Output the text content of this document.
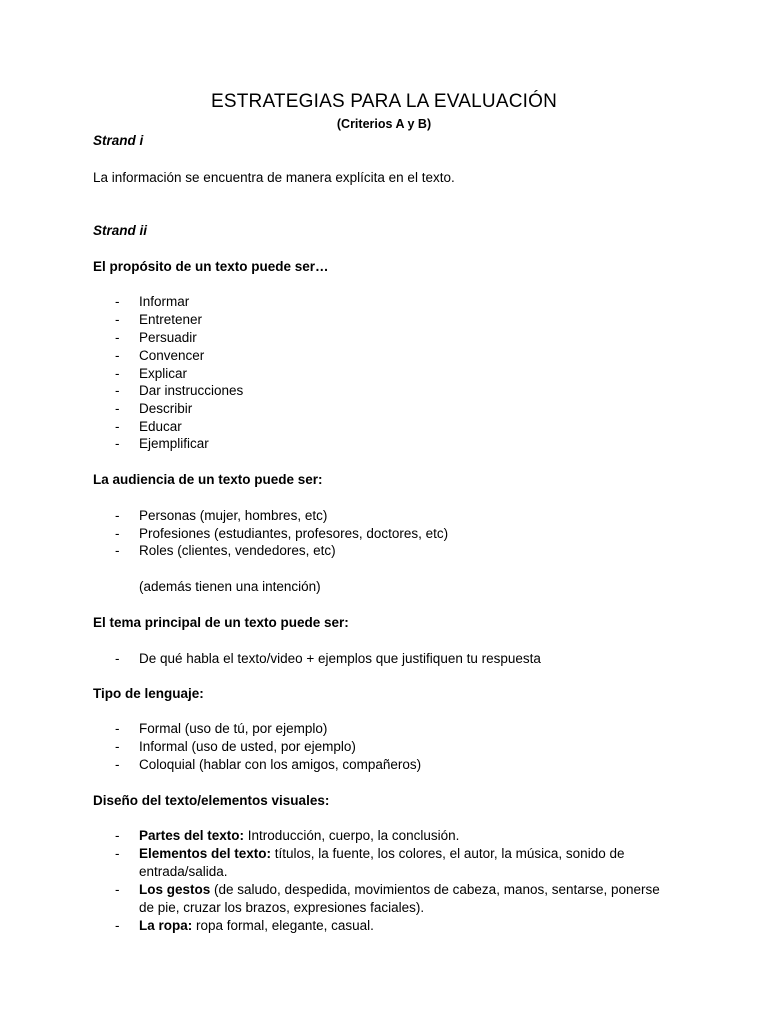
ESTRATEGIAS PARA LA EVALUACIÓN
(Criterios A y B)
Strand i
La información se encuentra de manera explícita en el texto.
Strand ii
El propósito de un texto puede ser…
- Informar
- Entretener
- Persuadir
- Convencer
- Explicar
- Dar instrucciones
- Describir
- Educar
- Ejemplificar
La audiencia de un texto puede ser:
- Personas (mujer, hombres, etc)
- Profesiones (estudiantes, profesores, doctores, etc)
- Roles (clientes, vendedores, etc)
(además tienen una intención)
El tema principal de un texto puede ser:
- De qué habla el texto/video + ejemplos que justifiquen tu respuesta
Tipo de lenguaje:
- Formal (uso de tú, por ejemplo)
- Informal (uso de usted, por ejemplo)
- Coloquial (hablar con los amigos, compañeros)
Diseño del texto/elementos visuales:
- Partes del texto: Introducción, cuerpo, la conclusión.
- Elementos del texto: títulos, la fuente, los colores, el autor, la música, sonido de
entrada/salida.
- Los gestos (de saludo, despedida, movimientos de cabeza, manos, sentarse, ponerse
de pie, cruzar los brazos, expresiones faciales).
- La ropa: ropa formal, elegante, casual.
